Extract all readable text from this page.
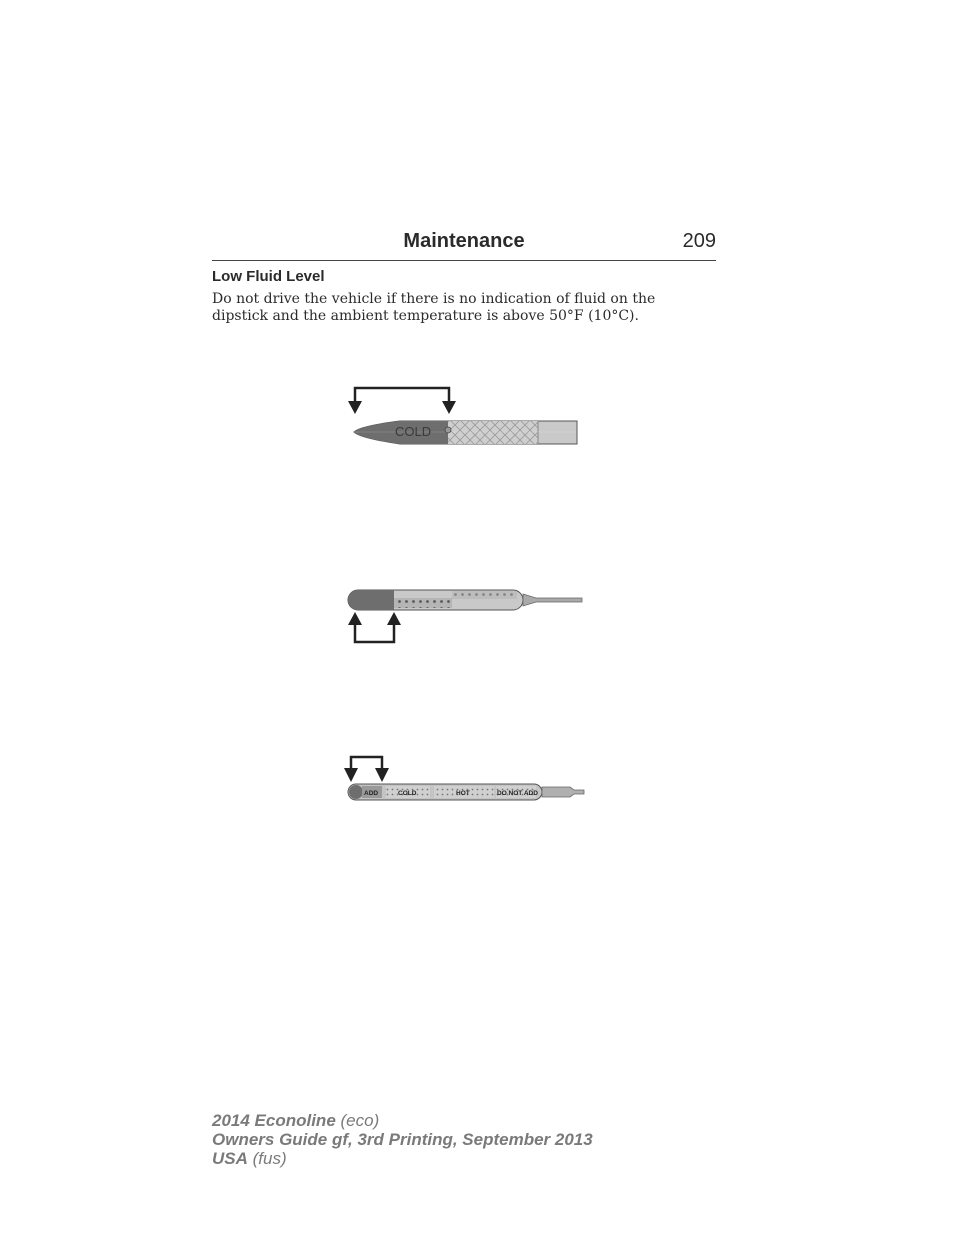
Maintenance	209
Low Fluid Level
Do not drive the vehicle if there is no indication of fluid on the dipstick and the ambient temperature is above 50°F (10°C).
COLD
ADD	COLD	HOT	DO NOT ADD
2014 Econoline (eco)
Owners Guide gf, 3rd Printing, September 2013
USA (fus)
